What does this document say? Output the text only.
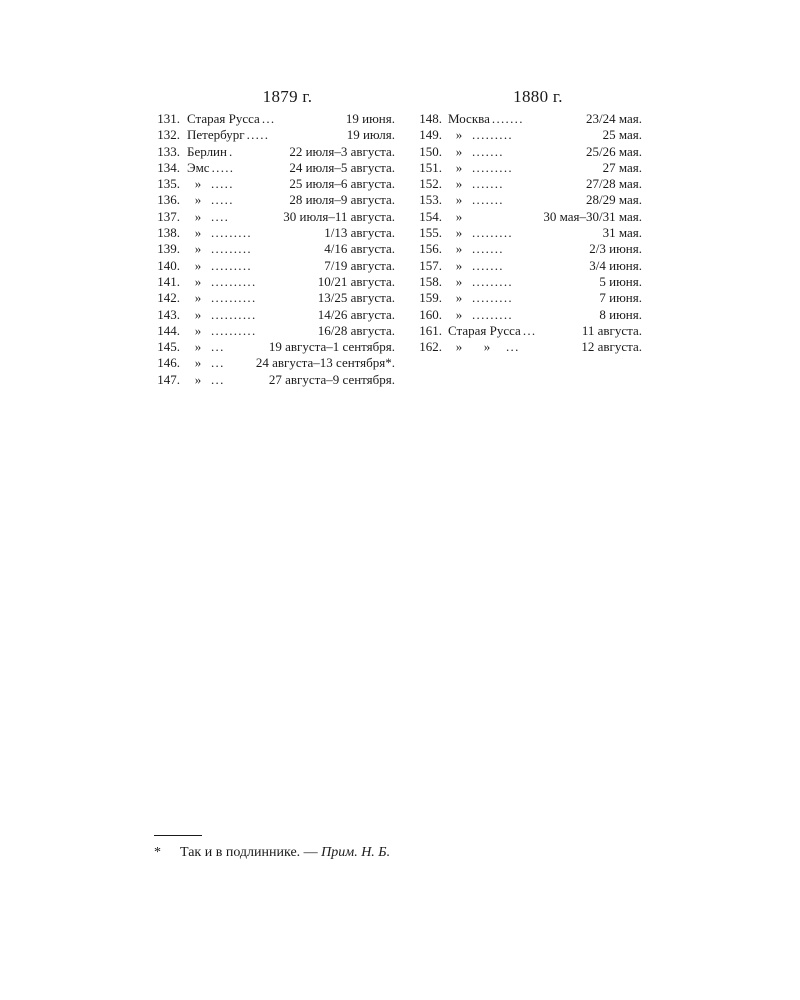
1879 г.
131. Старая Русса ...	19 июня.
132. Петербург .....	19 июля.
133. Берлин .	22 июля–3 августа.
134. Эмс .....	24 июля–5 августа.
135.	» .....	25 июля–6 августа.
136.	» .....	28 июля–9 августа.
137.	» ....	30 июля–11 августа.
138.	» .........	1/13 августа.
139.	» .........	4/16 августа.
140.	» .........	7/19 августа.
141.	» ..........	10/21 августа.
142.	» ..........	13/25 августа.
143.	» ..........	14/26 августа.
144.	» ..........	16/28 августа.
145.	» ...	19 августа–1 сентября.
146.	» ...	24 августа–13 сентября*.
147.	» ...	27 августа–9 сентября.
1880 г.
148. Москва .......	23/24 мая.
149.	» .........	25 мая.
150.	» .......	25/26 мая.
151.	» .........	27 мая.
152.	» .......	27/28 мая.
153.	» .......	28/29 мая.
154.	»	30 мая–30/31 мая.
155.	» .........	31 мая.
156.	» .......	2/3 июня.
157.	» .......	3/4 июня.
158.	» .........	5 июня.
159.	» .........	7 июня.
160.	» .........	8 июня.
161. Старая Русса ...	11 августа.
162.	»	»	...	12 августа.
* Так и в подлиннике. — Прим. Н. Б.
